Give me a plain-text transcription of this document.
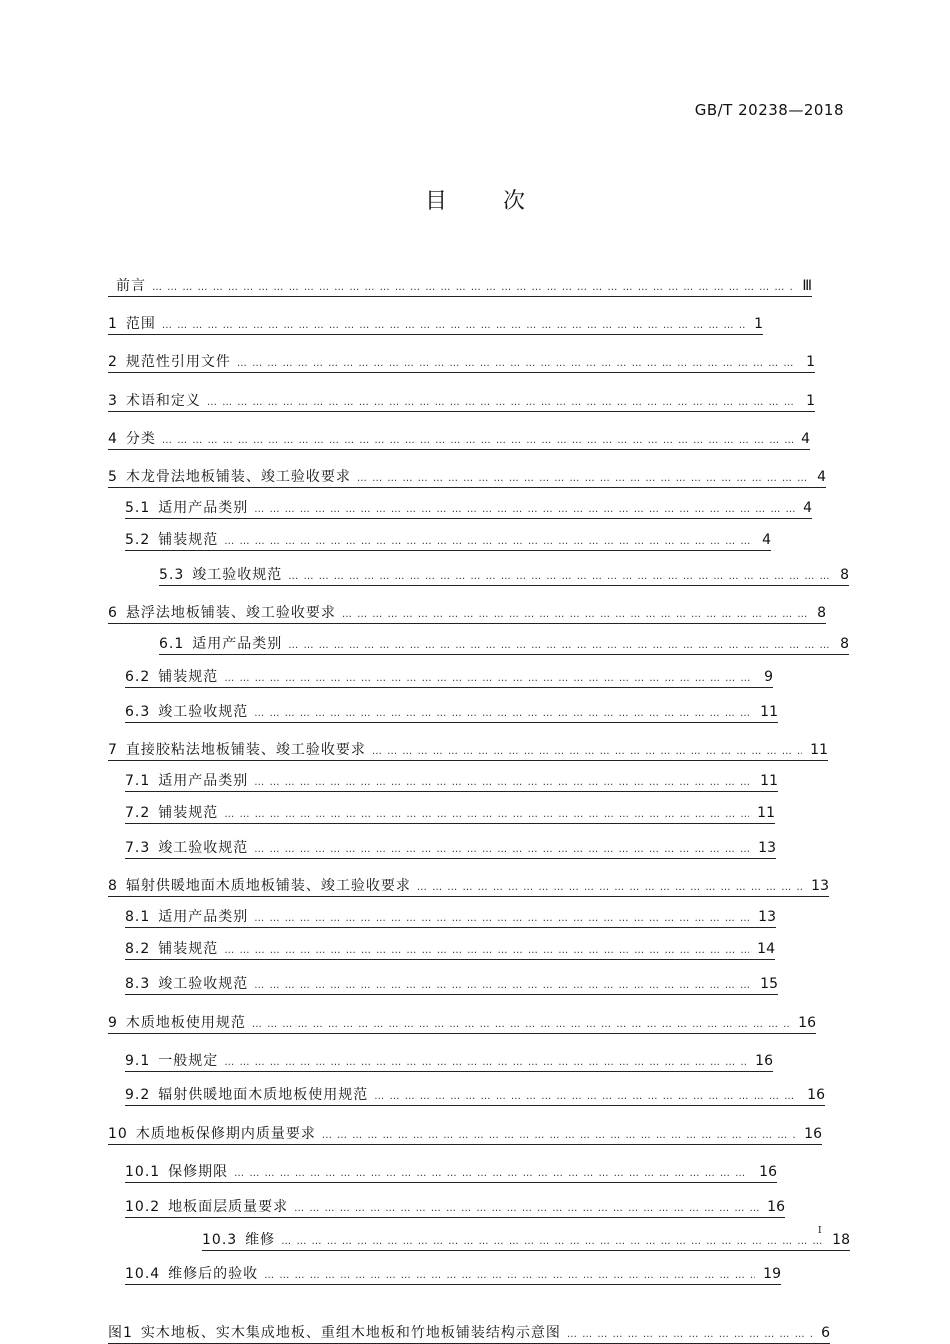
GB/T 20238—2018
目次
前言 … … … … … … … … … … … … … … … … … … … … … … … … … … … … … … … … … … … … … … … … … … … … … … … … … … … … … … … … … … … … …	Ⅲ
1 范围 … … … … … … … … … … … … … … … … … … … … … … … … … … … … … … … … … … … … … … … … … … … … … … … … … … … … … … … … … … … … …	1
2 规范性引用文件 … … … … … … … … … … … … … … … … … … … … … … … … … … … … … … … … … … … … … … … … … … … … … … … … … … … … … … … … … … … … …	1
3 术语和定义 … … … … … … … … … … … … … … … … … … … … … … … … … … … … … … … … … … … … … … … … … … … … … … … … … … … … … … … … … … … … …	1
4 分类 … … … … … … … … … … … … … … … … … … … … … … … … … … … … … … … … … … … … … … … … … … … … … … … … … … … … … … … … … … … … …	4
5 木龙骨法地板铺装、竣工验收要求 … … … … … … … … … … … … … … … … … … … … … … … … … … … … … … … … … … … … … … … … … … … … … … … … … … … … … … … … … … … … …	4
5.1 适用产品类别 … … … … … … … … … … … … … … … … … … … … … … … … … … … … … … … … … … … … … … … … … … … … … … … … … … … … … … … … … … … … …	4
5.2 铺装规范 … … … … … … … … … … … … … … … … … … … … … … … … … … … … … … … … … … … … … … … … … … … … … … … … … … … … … … … … … … … … …	4
5.3 竣工验收规范 … … … … … … … … … … … … … … … … … … … … … … … … … … … … … … … … … … … … … … … … … … … … … … … … … … … … … … … … … … … … …	8
6 悬浮法地板铺装、竣工验收要求 … … … … … … … … … … … … … … … … … … … … … … … … … … … … … … … … … … … … … … … … … … … … … … … … … … … … … … … … … … … … …	8
6.1 适用产品类别 … … … … … … … … … … … … … … … … … … … … … … … … … … … … … … … … … … … … … … … … … … … … … … … … … … … … … … … … … … … … …	8
6.2 铺装规范 … … … … … … … … … … … … … … … … … … … … … … … … … … … … … … … … … … … … … … … … … … … … … … … … … … … … … … … … … … … … …	9
6.3 竣工验收规范 … … … … … … … … … … … … … … … … … … … … … … … … … … … … … … … … … … … … … … … … … … … … … … … … … … … … … … … … … … … … …	11
7 直接胶粘法地板铺装、竣工验收要求 … … … … … … … … … … … … … … … … … … … … … … … … … … … … … … … … … … … … … … … … … … … … … … … … … … … … … … … … … … … … …	11
7.1 适用产品类别 … … … … … … … … … … … … … … … … … … … … … … … … … … … … … … … … … … … … … … … … … … … … … … … … … … … … … … … … … … … … …	11
7.2 铺装规范 … … … … … … … … … … … … … … … … … … … … … … … … … … … … … … … … … … … … … … … … … … … … … … … … … … … … … … … … … … … … …	11
7.3 竣工验收规范 … … … … … … … … … … … … … … … … … … … … … … … … … … … … … … … … … … … … … … … … … … … … … … … … … … … … … … … … … … … … …	13
8 辐射供暖地面木质地板铺装、竣工验收要求 … … … … … … … … … … … … … … … … … … … … … … … … … … … … … … … … … … … … … … … … … … … … … … … … … … … … … … … … … … … … …	13
8.1 适用产品类别 … … … … … … … … … … … … … … … … … … … … … … … … … … … … … … … … … … … … … … … … … … … … … … … … … … … … … … … … … … … … …	13
8.2 铺装规范 … … … … … … … … … … … … … … … … … … … … … … … … … … … … … … … … … … … … … … … … … … … … … … … … … … … … … … … … … … … … …	14
8.3 竣工验收规范 … … … … … … … … … … … … … … … … … … … … … … … … … … … … … … … … … … … … … … … … … … … … … … … … … … … … … … … … … … … … …	15
9 木质地板使用规范 … … … … … … … … … … … … … … … … … … … … … … … … … … … … … … … … … … … … … … … … … … … … … … … … … … … … … … … … … … … … …	16
9.1 一般规定 … … … … … … … … … … … … … … … … … … … … … … … … … … … … … … … … … … … … … … … … … … … … … … … … … … … … … … … … … … … … …	16
9.2 辐射供暖地面木质地板使用规范 … … … … … … … … … … … … … … … … … … … … … … … … … … … … … … … … … … … … … … … … … … … … … … … … … … … … … … … … … … … … …	16
10 木质地板保修期内质量要求 … … … … … … … … … … … … … … … … … … … … … … … … … … … … … … … … … … … … … … … … … … … … … … … … … … … … … … … … … … … … …	16
10.1 保修期限 … … … … … … … … … … … … … … … … … … … … … … … … … … … … … … … … … … … … … … … … … … … … … … … … … … … … … … … … … … … … …	16
10.2 地板面层质量要求 … … … … … … … … … … … … … … … … … … … … … … … … … … … … … … … … … … … … … … … … … … … … … … … … … … … … … … … … … … … … …	16
10.3 维修 … … … … … … … … … … … … … … … … … … … … … … … … … … … … … … … … … … … … … … … … … … … … … … … … … … … … … … … … … … … … …	18
10.4 维修后的验收 … … … … … … … … … … … … … … … … … … … … … … … … … … … … … … … … … … … … … … … … … … … … … … … … … … … … … … … … … … … … …	19
图1 实木地板、实木集成地板、重组木地板和竹地板铺装结构示意图 … … … … … … … … … … … … … … … … … … … … … … … … … … … … … … … … … … … … … … … … … … … … … … … … … … … … … … … … … … … … …	6
I
